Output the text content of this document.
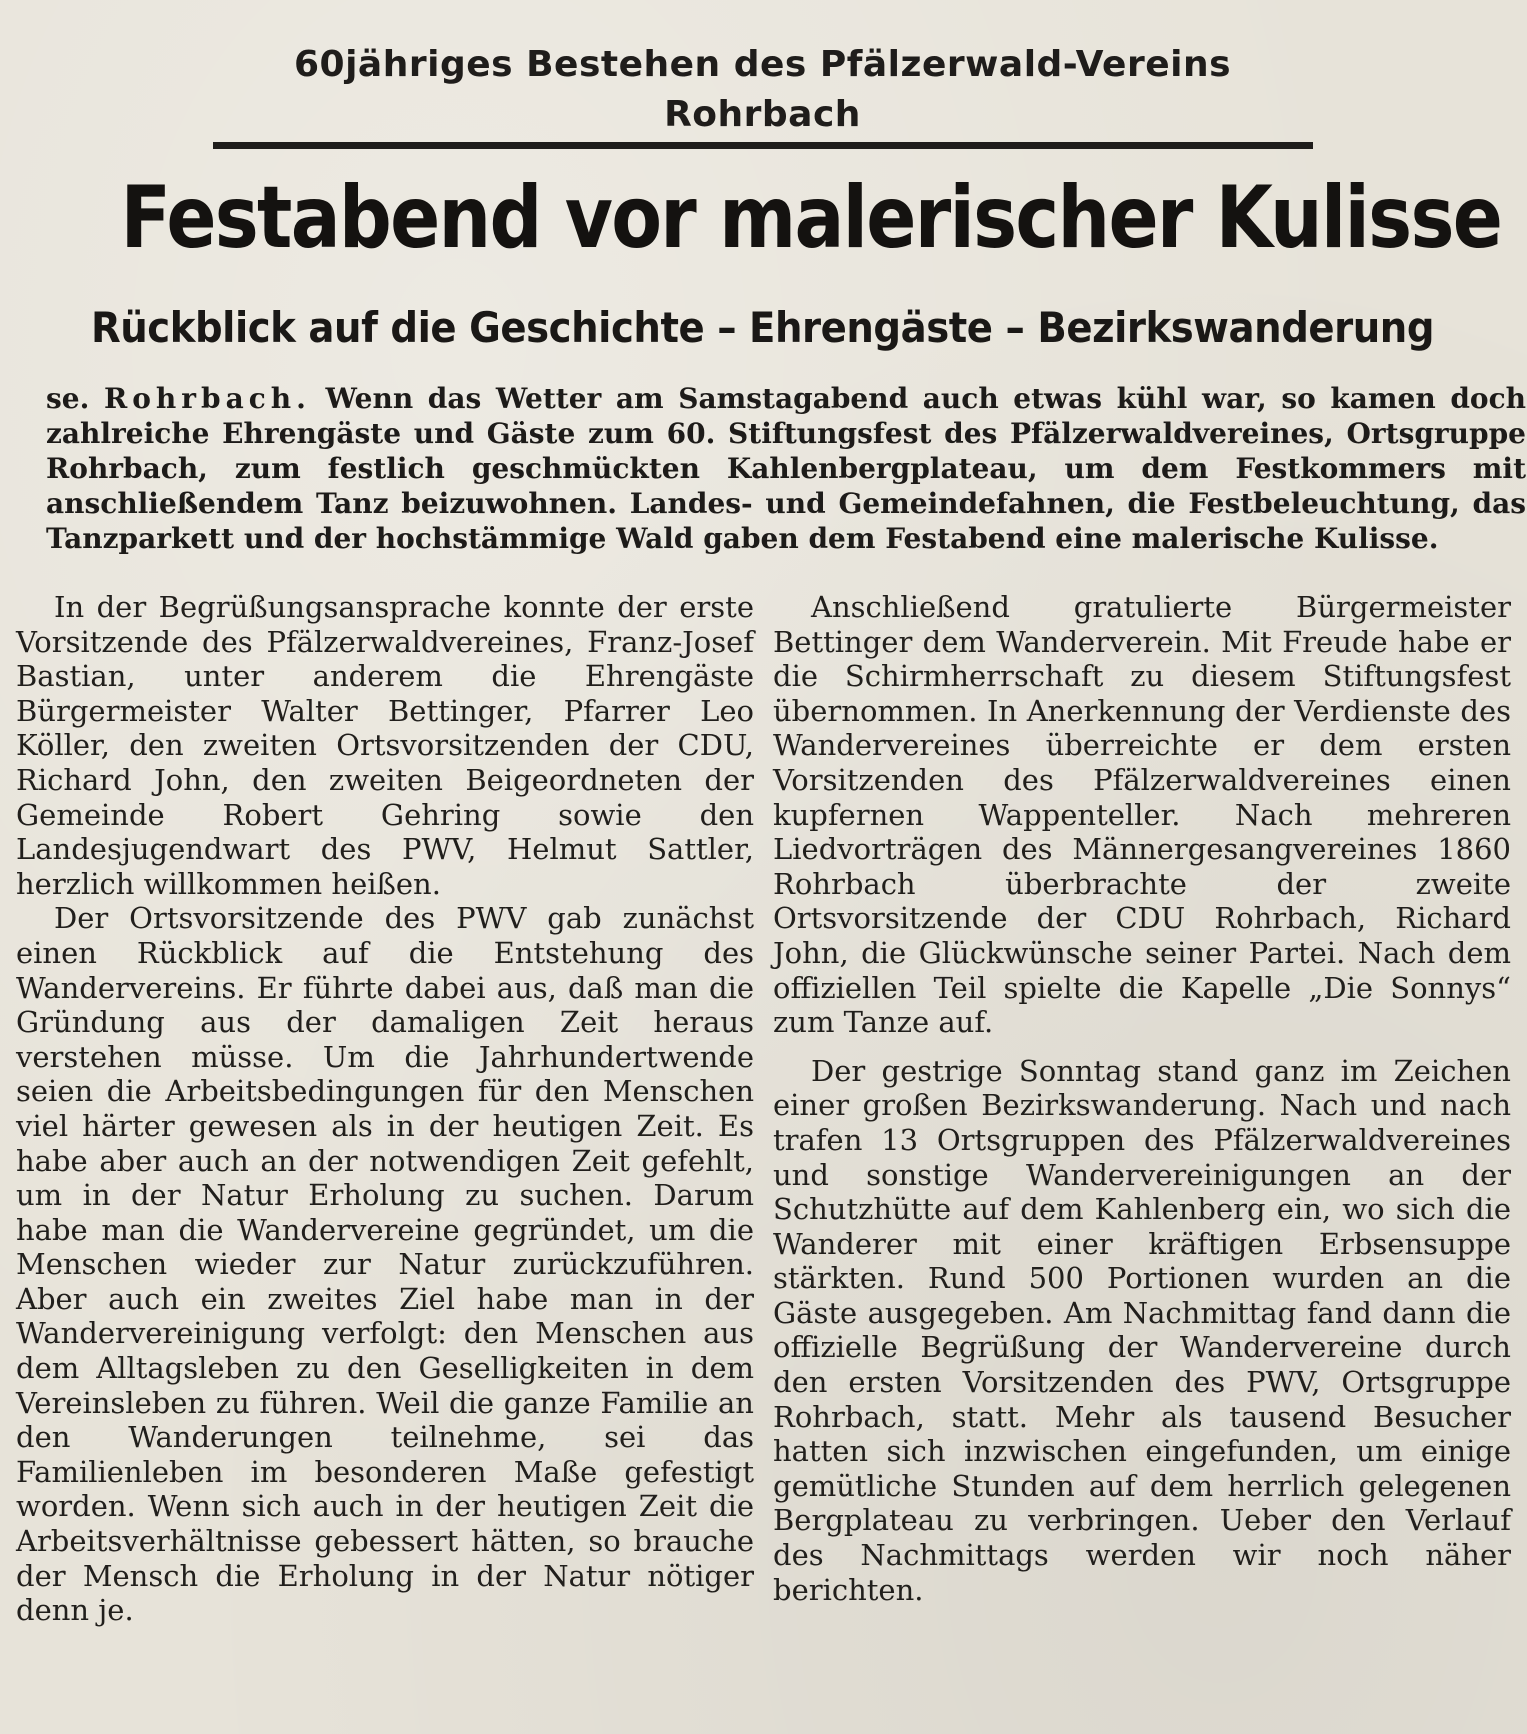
60jähriges Bestehen des Pfälzerwald-Vereins Rohrbach
Festabend vor malerischer Kulisse
Rückblick auf die Geschichte – Ehrengäste – Bezirkswanderung
se. Rohrbach. Wenn das Wetter am Samstagabend auch etwas kühl war, so kamen doch zahlreiche Ehrengäste und Gäste zum 60. Stiftungsfest des Pfälzerwaldvereines, Ortsgruppe Rohrbach, zum festlich geschmückten Kahlenbergplateau, um dem Festkommers mit anschließendem Tanz beizuwohnen. Landes- und Gemeindefahnen, die Festbeleuchtung, das Tanzparkett und der hochstämmige Wald gaben dem Festabend eine malerische Kulisse.

In der Begrüßungsansprache konnte der erste Vorsitzende des Pfälzerwaldvereines, Franz-Josef Bastian, unter anderem die Ehrengäste Bürgermeister Walter Bettinger, Pfarrer Leo Köller, den zweiten Ortsvorsitzenden der CDU, Richard John, den zweiten Beigeordneten der Gemeinde Robert Gehring sowie den Landesjugendwart des PWV, Helmut Sattler, herzlich willkommen heißen.

Der Ortsvorsitzende des PWV gab zunächst einen Rückblick auf die Entstehung des Wandervereins. Er führte dabei aus, daß man die Gründung aus der damaligen Zeit heraus verstehen müsse. Um die Jahrhundertwende seien die Arbeitsbedingungen für den Menschen viel härter gewesen als in der heutigen Zeit. Es habe aber auch an der notwendigen Zeit gefehlt, um in der Natur Erholung zu suchen. Darum habe man die Wandervereine gegründet, um die Menschen wieder zur Natur zurückzuführen. Aber auch ein zweites Ziel habe man in der Wandervereinigung verfolgt: den Menschen aus dem Alltagsleben zu den Geselligkeiten in dem Vereinsleben zu führen. Weil die ganze Familie an den Wanderungen teilnehme, sei das Familienleben im besonderen Maße gefestigt worden. Wenn sich auch in der heutigen Zeit die Arbeitsverhältnisse gebessert hätten, so brauche der Mensch die Erholung in der Natur nötiger denn je.

Anschließend gratulierte Bürgermeister Bettinger dem Wanderverein. Mit Freude habe er die Schirmherrschaft zu diesem Stiftungsfest übernommen. In Anerkennung der Verdienste des Wandervereines überreichte er dem ersten Vorsitzenden des Pfälzerwaldvereines einen kupfernen Wappenteller. Nach mehreren Liedvorträgen des Männergesangvereines 1860 Rohrbach überbrachte der zweite Ortsvorsitzende der CDU Rohrbach, Richard John, die Glückwünsche seiner Partei. Nach dem offiziellen Teil spielte die Kapelle „Die Sonnys“ zum Tanze auf.

Der gestrige Sonntag stand ganz im Zeichen einer großen Bezirkswanderung. Nach und nach trafen 13 Ortsgruppen des Pfälzerwaldvereines und sonstige Wandervereinigungen an der Schutzhütte auf dem Kahlenberg ein, wo sich die Wanderer mit einer kräftigen Erbsensuppe stärkten. Rund 500 Portionen wurden an die Gäste ausgegeben. Am Nachmittag fand dann die offizielle Begrüßung der Wandervereine durch den ersten Vorsitzenden des PWV, Ortsgruppe Rohrbach, statt. Mehr als tausend Besucher hatten sich inzwischen eingefunden, um einige gemütliche Stunden auf dem herrlich gelegenen Bergplateau zu verbringen. Ueber den Verlauf des Nachmittags werden wir noch näher berichten.
